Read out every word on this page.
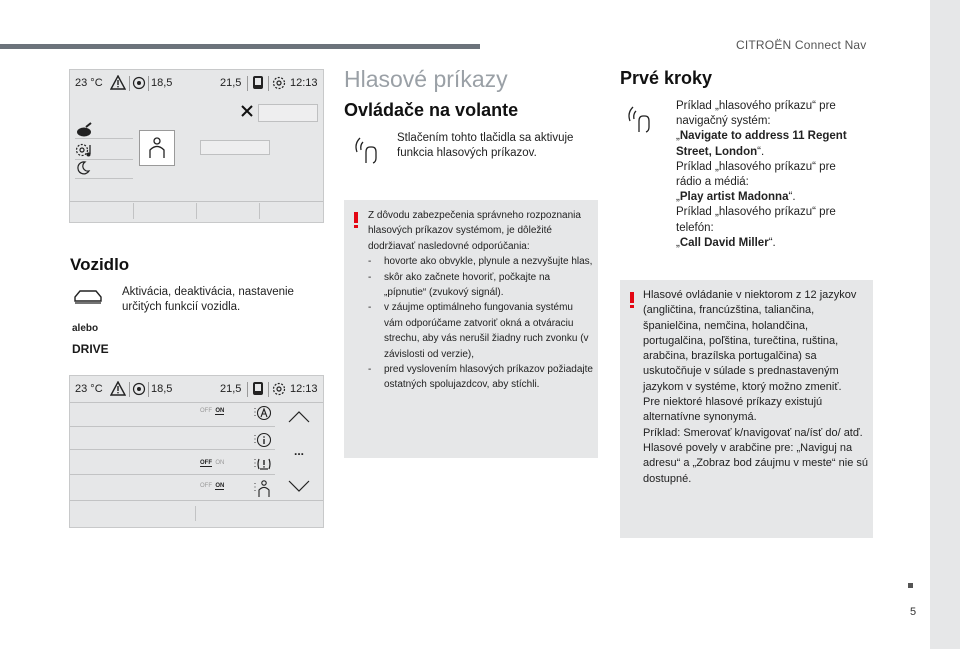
CITROËN Connect Nav
5
23 °C	18,5	21,5	12:13
Vozidlo
Aktivácia, deaktivácia, nastavenie určitých funkcií vozidla.
alebo
DRIVE
23 °C	18,5	21,5	12:13
OFF ON	⋮
⋮
OFF ON	⋮
...
OFF ON	⋮
Hlasové príkazy
Ovládače na volante
Stlačením tohto tlačidla sa aktivuje funkcia hlasových príkazov.
Z dôvodu zabezpečenia správneho rozpoznania hlasových príkazov systémom, je dôležité dodržiavať nasledovné odporúčania:
- hovorte ako obvykle, plynule a nezvyšujte hlas,
- skôr ako začnete hovoriť, počkajte na „pípnutie“ (zvukový signál).
- v záujme optimálneho fungovania systému vám odporúčame zatvoriť okná a otváraciu strechu, aby vás nerušil žiadny ruch zvonku (v závislosti od verzie),
- pred vyslovením hlasových príkazov požiadajte ostatných spolujazdcov, aby stíchli.
Prvé kroky
Príklad „hlasového príkazu“ pre navigačný systém:
„Navigate to address 11 Regent Street, London“.
Príklad „hlasového príkazu“ pre rádio a médiá:
„Play artist Madonna“.
Príklad „hlasového príkazu“ pre telefón:
„Call David Miller“.
Hlasové ovládanie v niektorom z 12 jazykov (angličtina, francúzština, taliančina, španielčina, nemčina, holandčina, portugalčina, poľština, turečtina, ruština, arabčina, brazílska portugalčina) sa uskutočňuje v súlade s prednastaveným jazykom v systéme, ktorý možno zmeniť.
Pre niektoré hlasové príkazy existujú alternatívne synonymá.
Príklad: Smerovať k/navigovať na/ísť do/ atď.
Hlasové povely v arabčine pre: „Naviguj na adresu“ a „Zobraz bod záujmu v meste“ nie sú dostupné.
